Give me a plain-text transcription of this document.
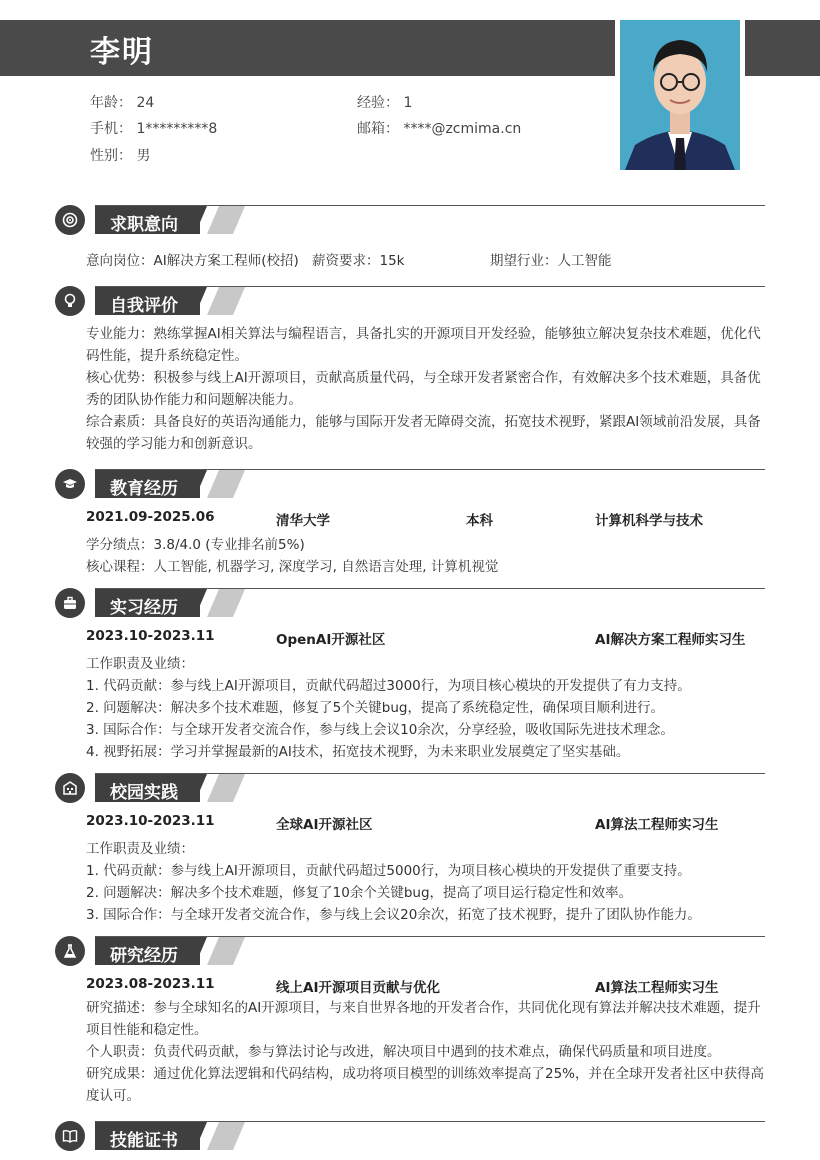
李明
年龄： 24	经验： 1
手机： 1*********8	邮箱： ****@zcmima.cn
性别： 男
求职意向
意向岗位：AI解决方案工程师(校招) 薪资要求：15k	期望行业：人工智能
自我评价
专业能力：熟练掌握AI相关算法与编程语言，具备扎实的开源项目开发经验，能够独立解决复杂技术难题，优化代码性能，提升系统稳定性。
核心优势：积极参与线上AI开源项目，贡献高质量代码，与全球开发者紧密合作，有效解决多个技术难题，具备优秀的团队协作能力和问题解决能力。
综合素质：具备良好的英语沟通能力，能够与国际开发者无障碍交流，拓宽技术视野，紧跟AI领域前沿发展，具备较强的学习能力和创新意识。
教育经历
2021.09-2025.06	清华大学	本科	计算机科学与技术
学分绩点：3.8/4.0 (专业排名前5%)
核心课程：人工智能, 机器学习, 深度学习, 自然语言处理, 计算机视觉
实习经历
2023.10-2023.11	OpenAI开源社区	AI解决方案工程师实习生
工作职责及业绩：
1. 代码贡献：参与线上AI开源项目，贡献代码超过3000行，为项目核心模块的开发提供了有力支持。
2. 问题解决：解决多个技术难题，修复了5个关键bug，提高了系统稳定性，确保项目顺利进行。
3. 国际合作：与全球开发者交流合作，参与线上会议10余次，分享经验，吸收国际先进技术理念。
4. 视野拓展：学习并掌握最新的AI技术，拓宽技术视野，为未来职业发展奠定了坚实基础。
校园实践
2023.10-2023.11	全球AI开源社区	AI算法工程师实习生
工作职责及业绩：
1. 代码贡献：参与线上AI开源项目，贡献代码超过5000行，为项目核心模块的开发提供了重要支持。
2. 问题解决：解决多个技术难题，修复了10余个关键bug，提高了项目运行稳定性和效率。
3. 国际合作：与全球开发者交流合作，参与线上会议20余次，拓宽了技术视野，提升了团队协作能力。
研究经历
2023.08-2023.11	线上AI开源项目贡献与优化	AI算法工程师实习生
研究描述：参与全球知名的AI开源项目，与来自世界各地的开发者合作，共同优化现有算法并解决技术难题，提升项目性能和稳定性。
个人职责：负责代码贡献，参与算法讨论与改进，解决项目中遇到的技术难点，确保代码质量和项目进度。
研究成果：通过优化算法逻辑和代码结构，成功将项目模型的训练效率提高了25%，并在全球开发者社区中获得高度认可。
技能证书
